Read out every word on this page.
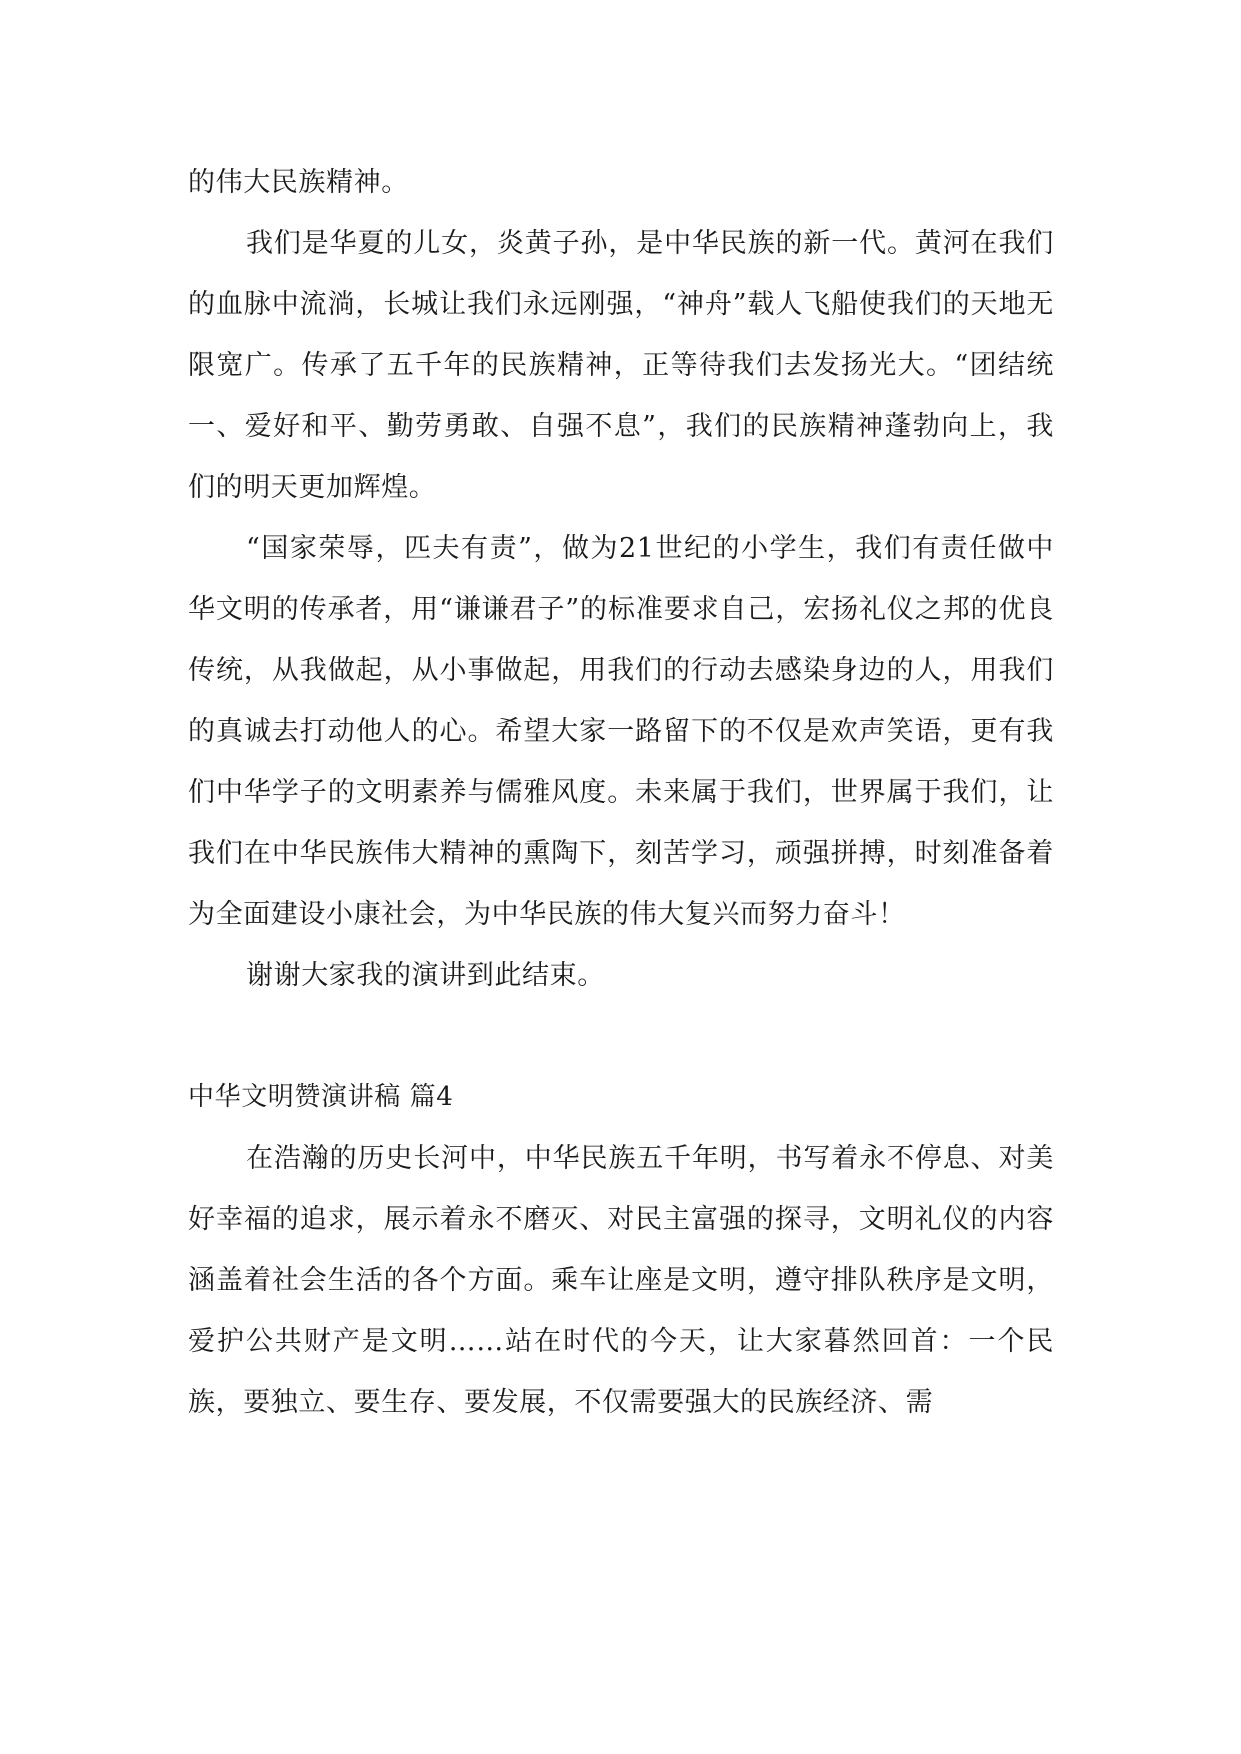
的伟大民族精神。

我们是华夏的儿女，炎黄子孙，是中华民族的新一代。黄河在我们的血脉中流淌，长城让我们永远刚强，“神舟”载人飞船使我们的天地无限宽广。传承了五千年的民族精神，正等待我们去发扬光大。“团结统一、爱好和平、勤劳勇敢、自强不息”，我们的民族精神蓬勃向上，我们的明天更加辉煌。

“国家荣辱，匹夫有责”，做为21世纪的小学生，我们有责任做中华文明的传承者，用“谦谦君子”的标准要求自己，宏扬礼仪之邦的优良传统，从我做起，从小事做起，用我们的行动去感染身边的人，用我们的真诚去打动他人的心。希望大家一路留下的不仅是欢声笑语，更有我们中华学子的文明素养与儒雅风度。未来属于我们，世界属于我们，让我们在中华民族伟大精神的熏陶下，刻苦学习，顽强拼搏，时刻准备着为全面建设小康社会，为中华民族的伟大复兴而努力奋斗！

谢谢大家我的演讲到此结束。

中华文明赞演讲稿 篇4

在浩瀚的历史长河中，中华民族五千年明，书写着永不停息、对美好幸福的追求，展示着永不磨灭、对民主富强的探寻，文明礼仪的内容涵盖着社会生活的各个方面。乘车让座是文明，遵守排队秩序是文明，爱护公共财产是文明……站在时代的今天，让大家暮然回首：一个民族，要独立、要生存、要发展，不仅需要强大的民族经济、需
